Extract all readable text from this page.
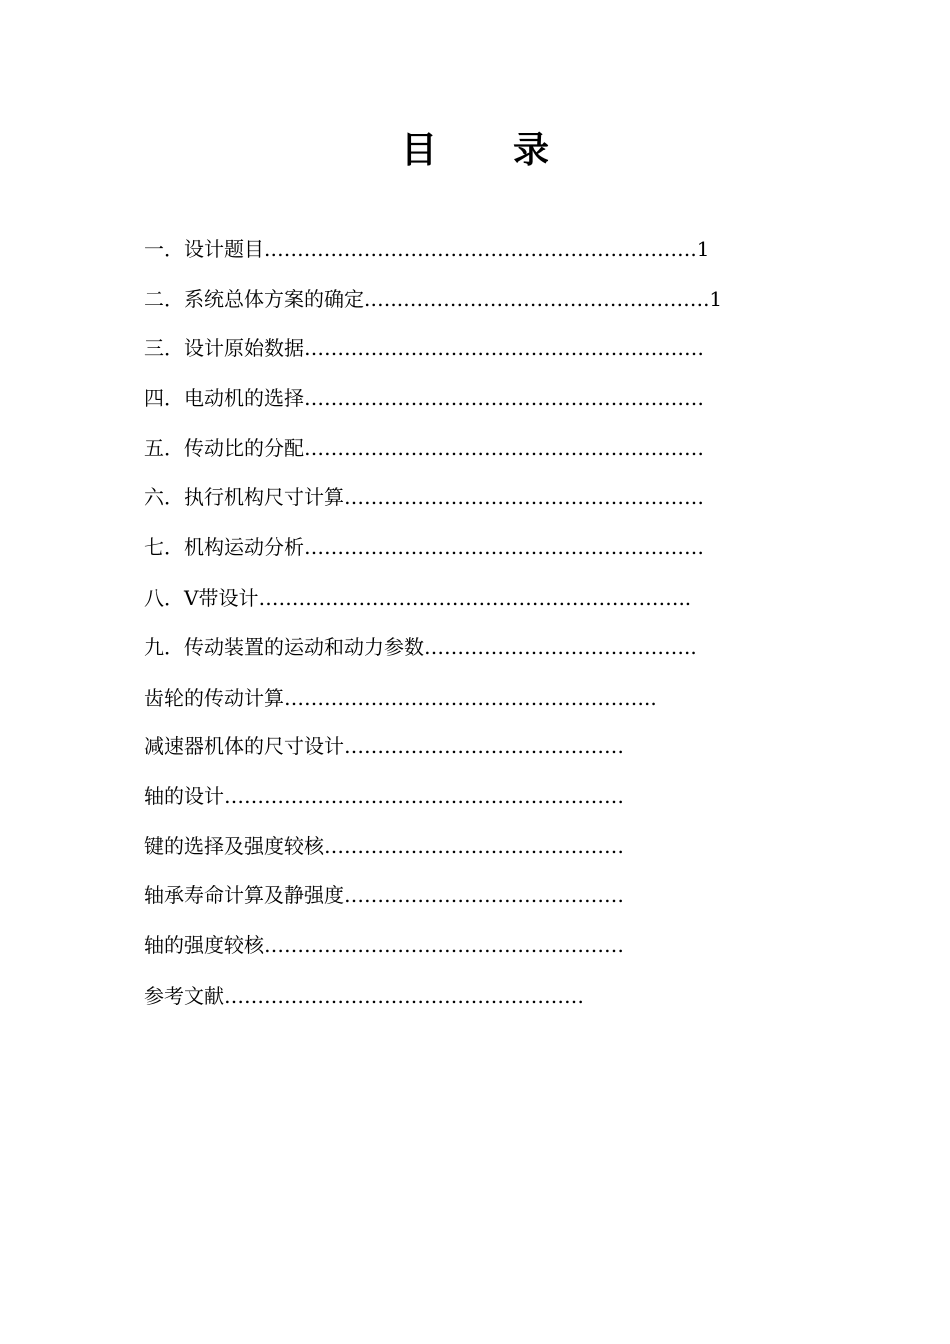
目 录
一．设计题目.……………………………………………………….1
二．系统总体方案的确定.…..……………………………………….1
三．设计原始数据……………………………………………………
四．电动机的选择……………………………………………………
五．传动比的分配……………………………………………………
六．执行机构尺寸计算………………………………………………
七．机构运动分析……………………………………………………
八．V带设计………………………………………………………..
九．传动装置的运动和动力参数…………………………………..
齿轮的传动计算………………………………………………..
减速器机体的尺寸设计……………………………………
轴的设计……………………………………………………
键的选择及强度较核………………………………………
轴承寿命计算及静强度……………………………………
轴的强度较核………………………………………………
参考文献………………………………………………
